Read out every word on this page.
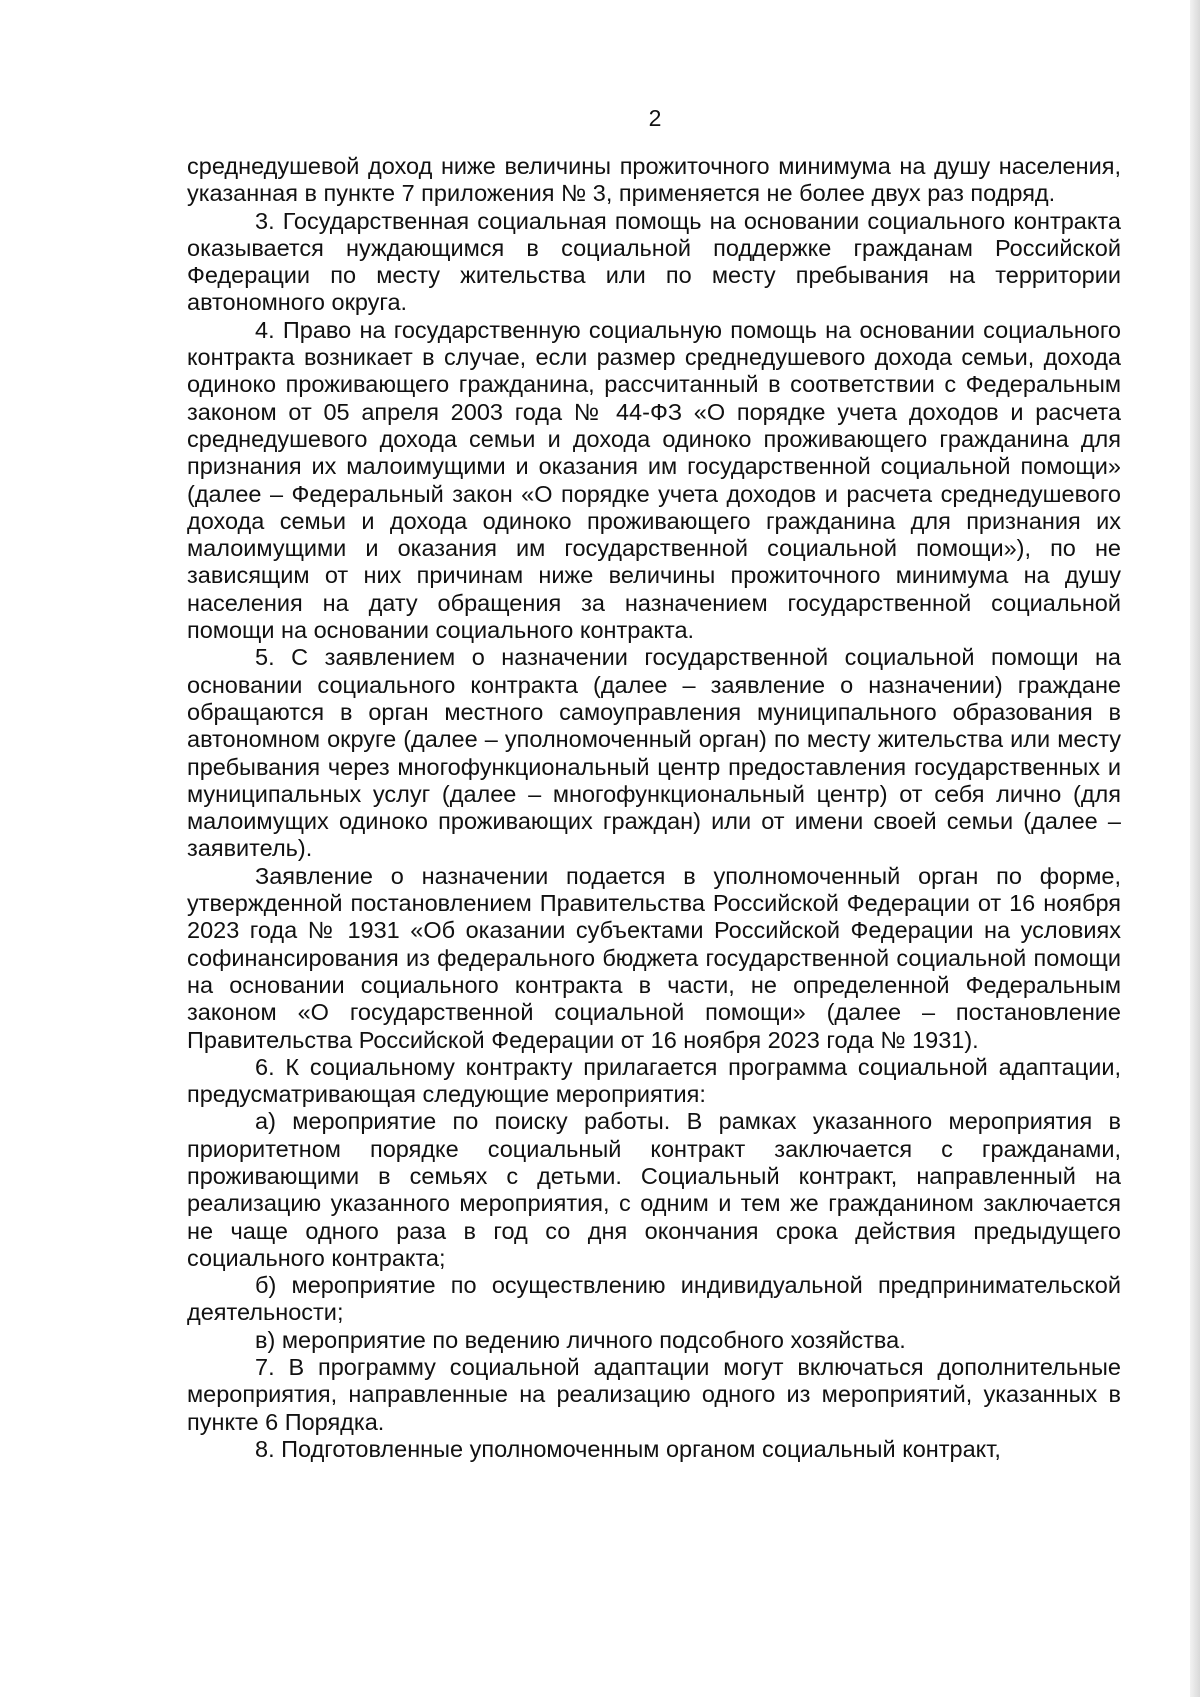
2

среднедушевой доход ниже величины прожиточного минимума на душу населения, указанная в пункте 7 приложения № 3, применяется не более двух раз подряд.

3. Государственная социальная помощь на основании социального контракта оказывается нуждающимся в социальной поддержке гражданам Российской Федерации по месту жительства или по месту пребывания на территории автономного округа.

4. Право на государственную социальную помощь на основании социального контракта возникает в случае, если размер среднедушевого дохода семьи, дохода одиноко проживающего гражданина, рассчитанный в соответствии с Федеральным законом от 05 апреля 2003 года № 44-ФЗ «О порядке учета доходов и расчета среднедушевого дохода семьи и дохода одиноко проживающего гражданина для признания их малоимущими и оказания им государственной социальной помощи» (далее – Федеральный закон «О порядке учета доходов и расчета среднедушевого дохода семьи и дохода одиноко проживающего гражданина для признания их малоимущими и оказания им государственной социальной помощи»), по не зависящим от них причинам ниже величины прожиточного минимума на душу населения на дату обращения за назначением государственной социальной помощи на основании социального контракта.

5. С заявлением о назначении государственной социальной помощи на основании социального контракта (далее – заявление о назначении) граждане обращаются в орган местного самоуправления муниципального образования в автономном округе (далее – уполномоченный орган) по месту жительства или месту пребывания через многофункциональный центр предоставления государственных и муниципальных услуг (далее – многофункциональный центр) от себя лично (для малоимущих одиноко проживающих граждан) или от имени своей семьи (далее – заявитель).

Заявление о назначении подается в уполномоченный орган по форме, утвержденной постановлением Правительства Российской Федерации от 16 ноября 2023 года № 1931 «Об оказании субъектами Российской Федерации на условиях софинансирования из федерального бюджета государственной социальной помощи на основании социального контракта в части, не определенной Федеральным законом «О государственной социальной помощи» (далее – постановление Правительства Российской Федерации от 16 ноября 2023 года № 1931).

6. К социальному контракту прилагается программа социальной адаптации, предусматривающая следующие мероприятия:

а) мероприятие по поиску работы. В рамках указанного мероприятия в приоритетном порядке социальный контракт заключается с гражданами, проживающими в семьях с детьми. Социальный контракт, направленный на реализацию указанного мероприятия, с одним и тем же гражданином заключается не чаще одного раза в год со дня окончания срока действия предыдущего социального контракта;

б) мероприятие по осуществлению индивидуальной предпринимательской деятельности;

в) мероприятие по ведению личного подсобного хозяйства.

7. В программу социальной адаптации могут включаться дополнительные мероприятия, направленные на реализацию одного из мероприятий, указанных в пункте 6 Порядка.

8. Подготовленные уполномоченным органом социальный контракт,
